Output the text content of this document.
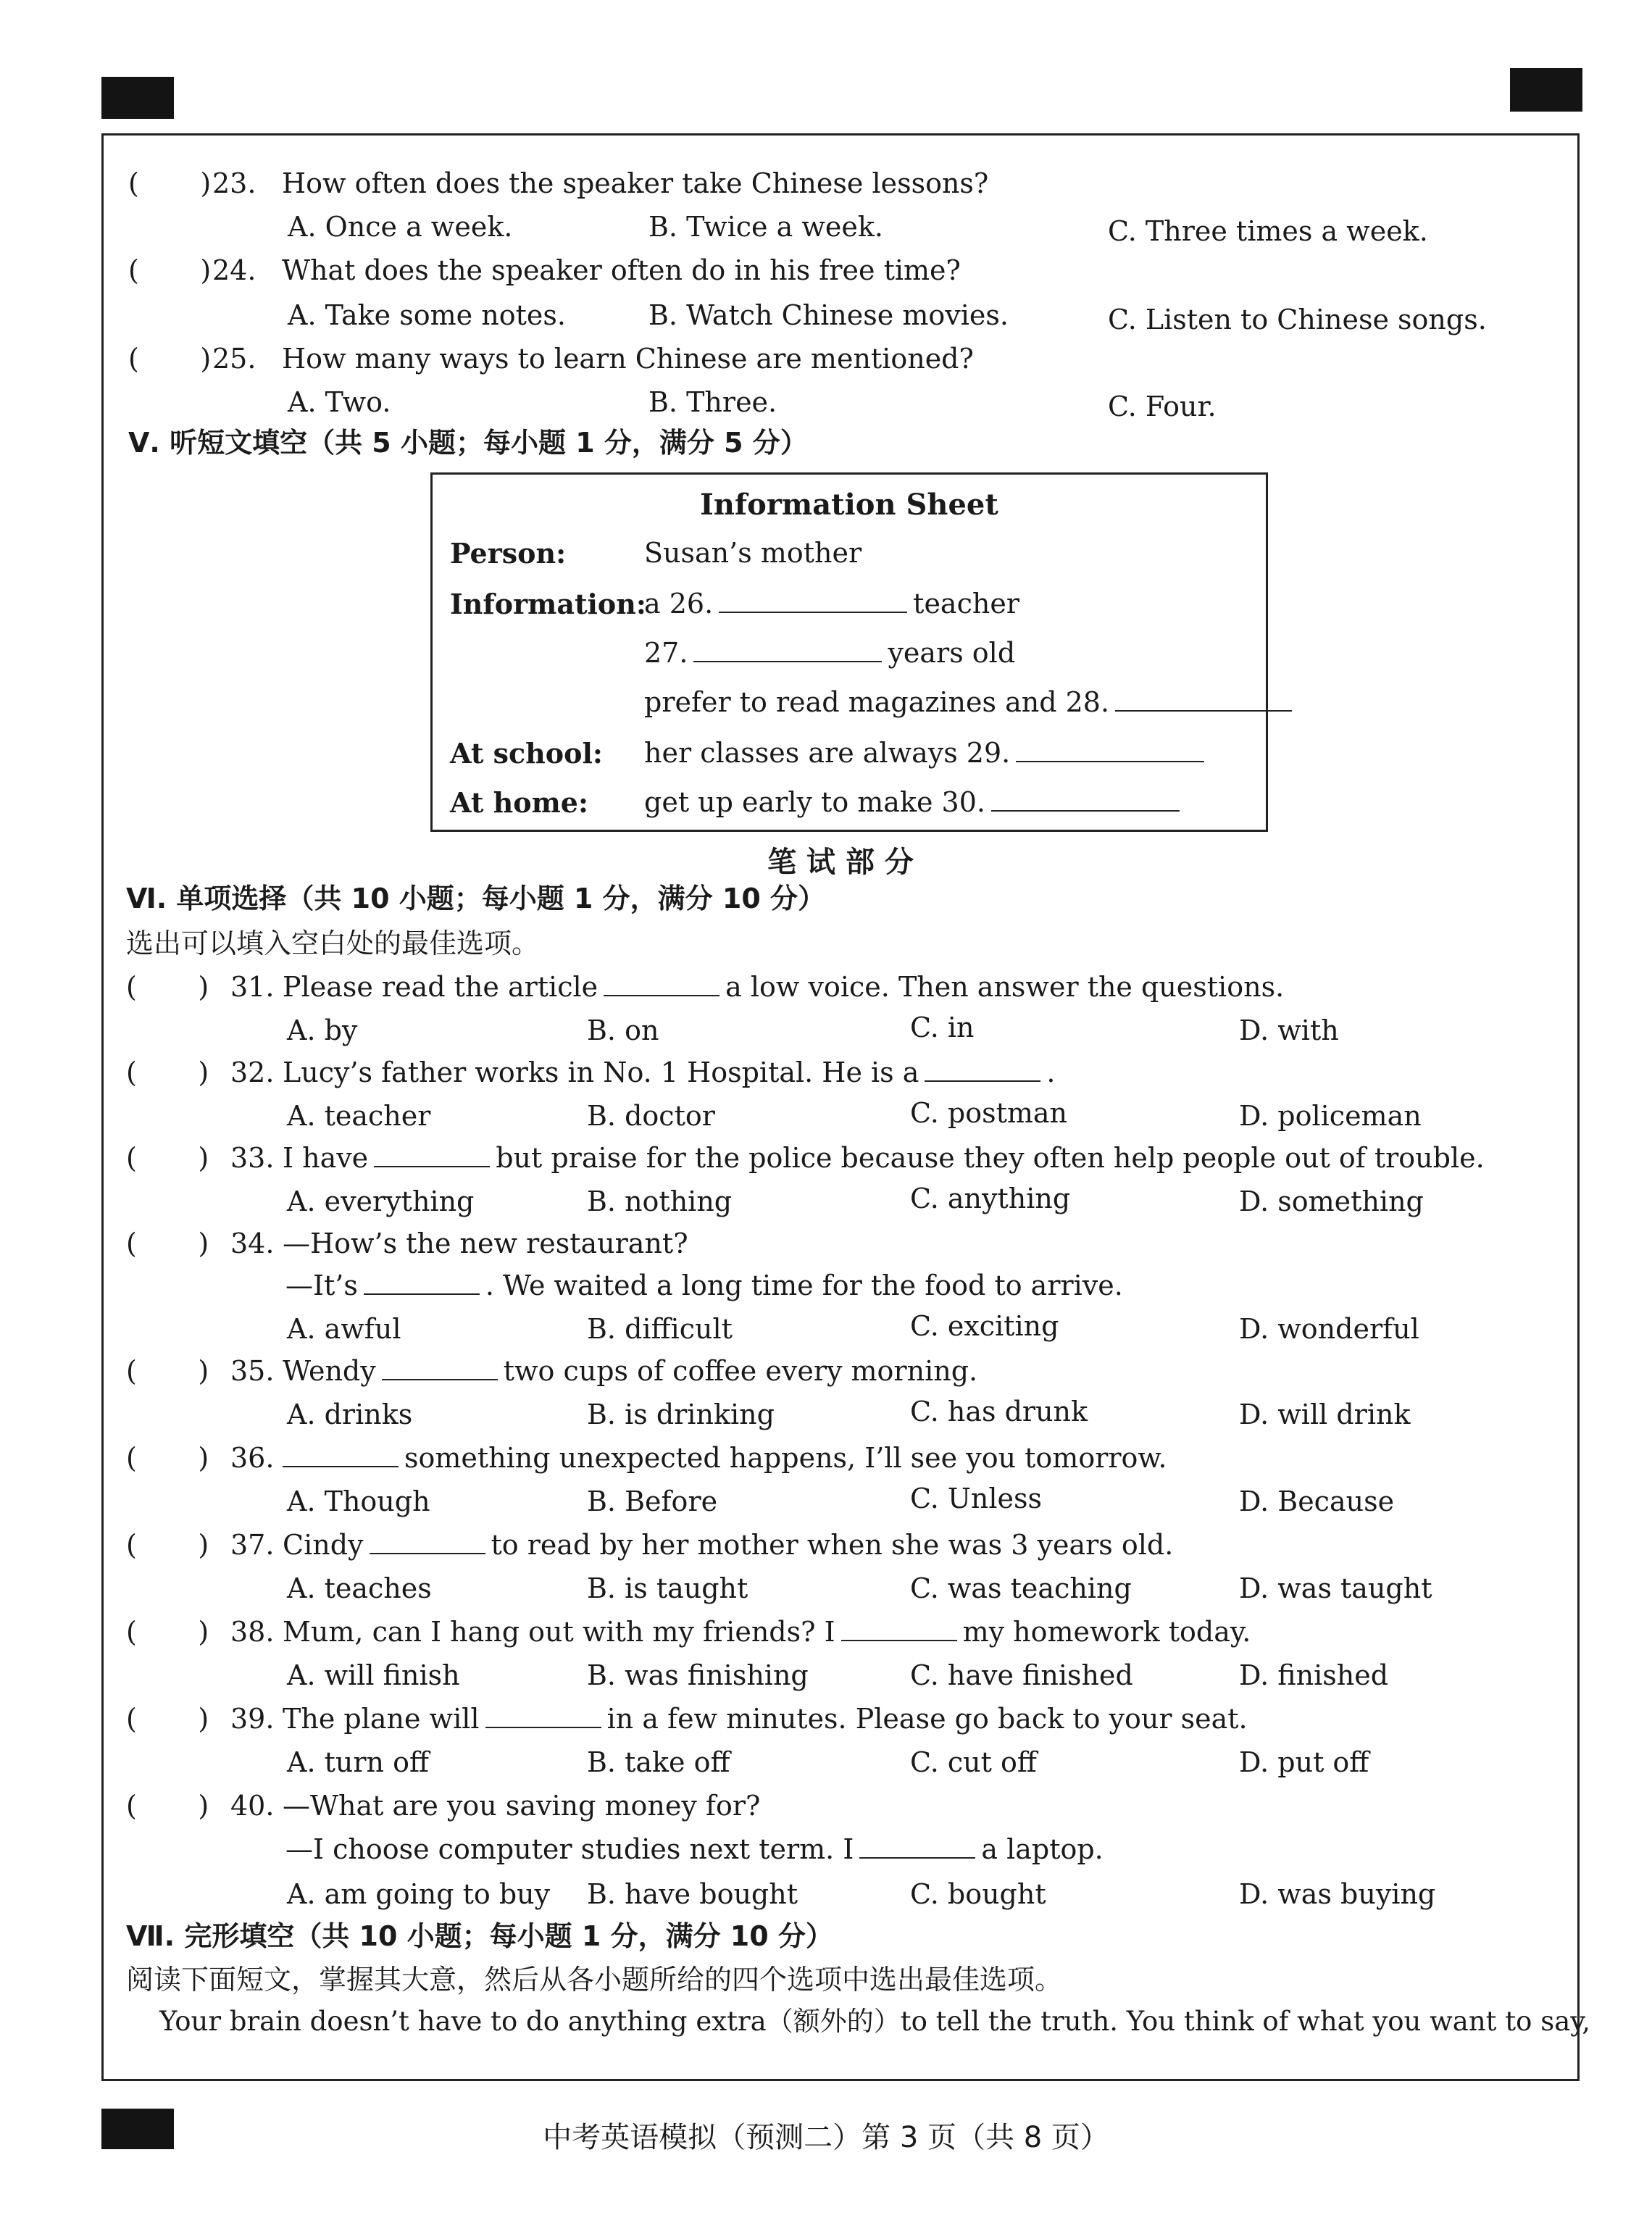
(       ) 23. How often does the speaker take Chinese lessons?
A. Once a week.	B. Twice a week.	C. Three times a week.
(       ) 24. What does the speaker often do in his free time?
A. Take some notes.	B. Watch Chinese movies.	C. Listen to Chinese songs.
(       ) 25. How many ways to learn Chinese are mentioned?
A. Two.	B. Three.	C. Four.
Ⅴ. 听短文填空（共 5 小题；每小题 1 分，满分 5 分）
Information Sheet
Person:	Susan’s mother
Information:
a 26.	teacher
27.	years old
prefer to read magazines and 28.
At school: her classes are always 29.
At home: get up early to make 30.
笔 试 部 分
Ⅵ. 单项选择（共 10 小题；每小题 1 分，满分 10 分）
选出可以填入空白处的最佳选项。
(       ) 31. Please read the article	a low voice. Then answer the questions.
A. by	B. on	C. in	D. with
(       ) 32. Lucy’s father works in No. 1 Hospital. He is a	.
A. teacher	B. doctor	C. postman	D. policeman
(       ) 33. I have	but praise for the police because they often help people out of trouble.
A. everything	B. nothing	C. anything	D. something
(       ) 34. —How’s the new restaurant?
—It’s	. We waited a long time for the food to arrive.
A. awful	B. difficult	C. exciting	D. wonderful
(       ) 35. Wendy	two cups of coffee every morning.
A. drinks	B. is drinking	C. has drunk	D. will drink
(       ) 36.	something unexpected happens, I’ll see you tomorrow.
A. Though	B. Before	C. Unless	D. Because
(       ) 37. Cindy	to read by her mother when she was 3 years old.
A. teaches	B. is taught	C. was teaching	D. was taught
(       ) 38. Mum, can I hang out with my friends? I	my homework today.
A. will finish	B. was finishing	C. have finished	D. finished
(       ) 39. The plane will	in a few minutes. Please go back to your seat.
A. turn off	B. take off	C. cut off	D. put off
(       ) 40. —What are you saving money for?
—I choose computer studies next term. I	a laptop.
A. am going to buy B. have bought	C. bought	D. was buying
Ⅶ. 完形填空（共 10 小题；每小题 1 分，满分 10 分）
阅读下面短文，掌握其大意，然后从各小题所给的四个选项中选出最佳选项。
Your brain doesn’t have to do anything extra（额外的）to tell the truth. You think of what you want to say,
中考英语模拟（预测二）第 3 页（共 8 页）
